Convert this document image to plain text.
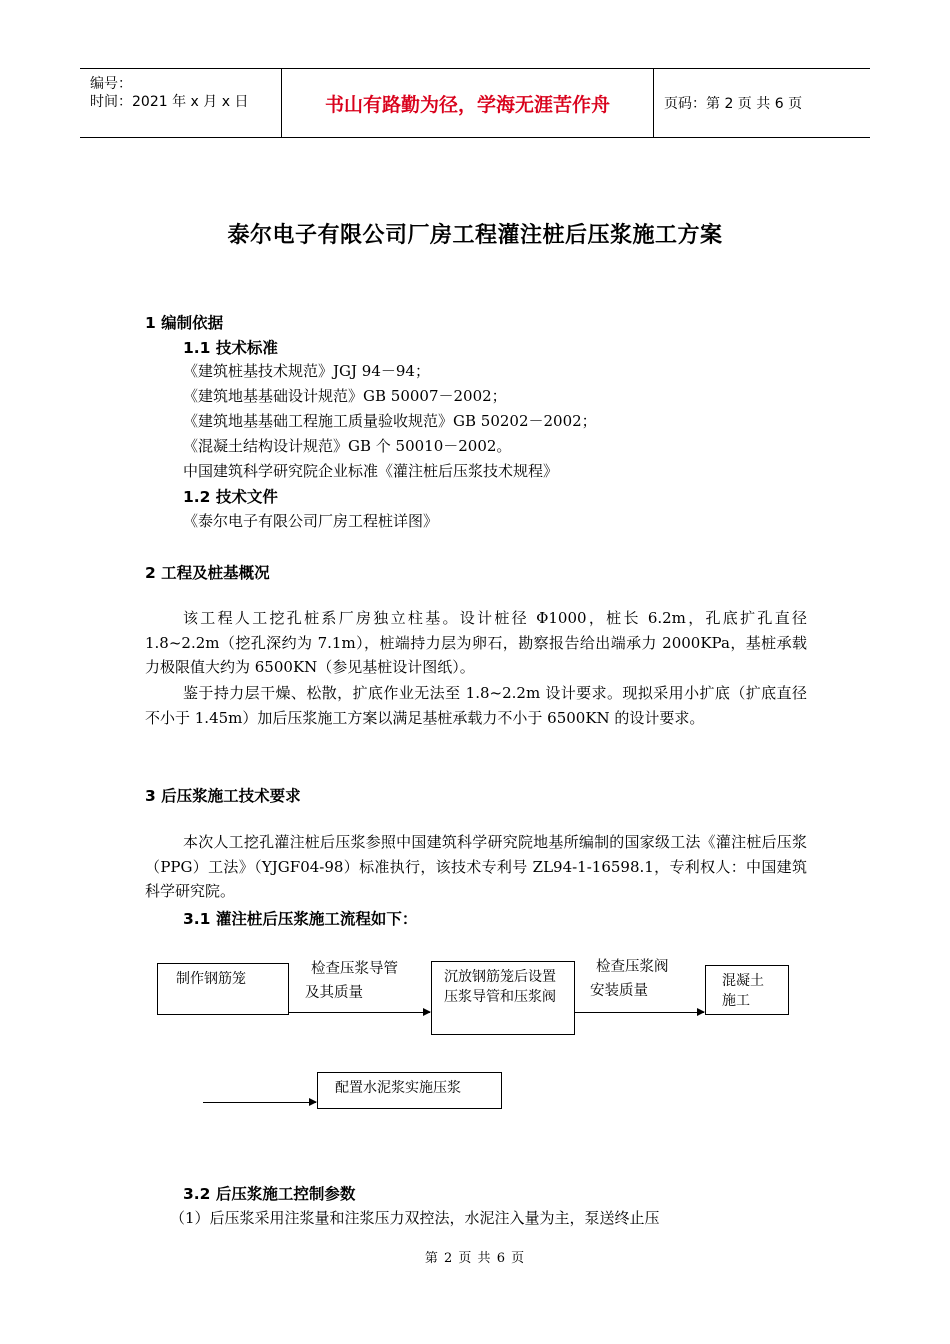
编号：
时间：2021 年 x 月 x 日	书山有路勤为径，学海无涯苦作舟	页码：第 2 页 共 6 页
泰尔电子有限公司厂房工程灌注桩后压浆施工方案
1 编制依据
1.1 技术标准
《建筑桩基技术规范》JGJ 94－94；
《建筑地基基础设计规范》GB 50007－2002；
《建筑地基基础工程施工质量验收规范》GB 50202－2002；
《混凝土结构设计规范》GB 个 50010－2002。
中国建筑科学研究院企业标准《灌注桩后压浆技术规程》
1.2 技术文件
《泰尔电子有限公司厂房工程桩详图》
2 工程及桩基概况

该工程人工挖孔桩系厂房独立柱基。设计桩径 Φ1000，桩长 6.2m，孔底扩孔直径 1.8~2.2m（挖孔深约为 7.1m），桩端持力层为卵石，勘察报告给出端承力 2000KPa，基桩承载力极限值大约为 6500KN（参见基桩设计图纸）。

鉴于持力层干燥、松散，扩底作业无法至 1.8~2.2m 设计要求。现拟采用小扩底（扩底直径不小于 1.45m）加后压浆施工方案以满足基桩承载力不小于 6500KN 的设计要求。

3 后压浆施工技术要求

本次人工挖孔灌注桩后压浆参照中国建筑科学研究院地基所编制的国家级工法《灌注桩后压浆（PPG）工法》（YJGF04-98）标准执行，该技术专利号 ZL94-1-16598.1，专利权人：中国建筑科学研究院。

3.1 灌注桩后压浆施工流程如下：
制作钢筋笼
检查压浆导管
及其质量
沉放钢筋笼后设置压浆导管和压浆阀
检查压浆阀
安装质量
混凝土施工
配置水泥浆实施压浆
3.2 后压浆施工控制参数
（1）后压浆采用注浆量和注浆压力双控法，水泥注入量为主，泵送终止压
第 2 页 共 6 页
